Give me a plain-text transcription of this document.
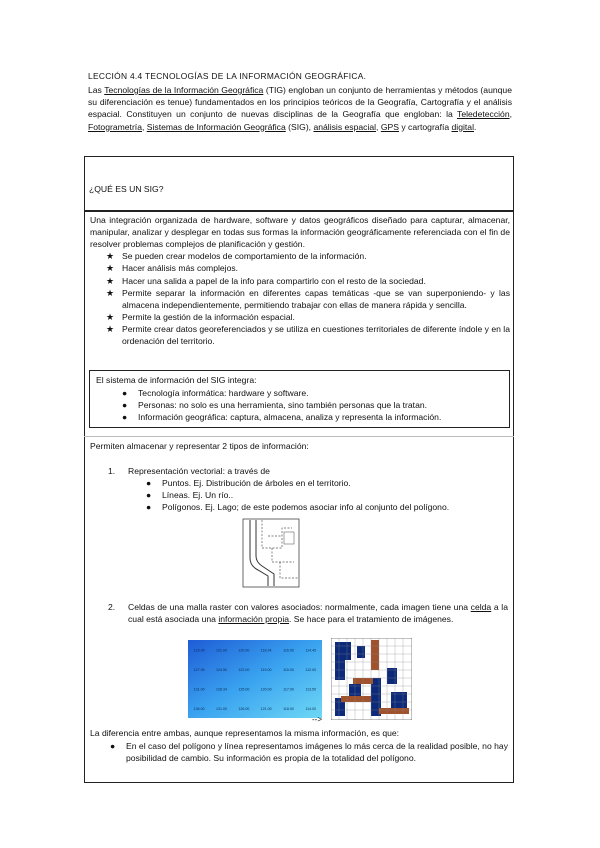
LECCIÓN 4.4 TECNOLOGÍAS DE LA INFORMACIÓN GEOGRÁFICA.
Las Tecnologías de la Información Geográfica (TIG) engloban un conjunto de herramientas y métodos (aunque su diferenciación es tenue) fundamentados en los principios teóricos de la Geografía, Cartografía y el análisis espacial. Constituyen un conjunto de nuevas disciplinas de la Geografía que engloban: la Teledetección, Fotogrametría, Sistemas de Información Geográfica (SIG), análisis espacial, GPS y cartografía digital.
¿QUÉ ES UN SIG?
Una integración organizada de hardware, software y datos geográficos diseñado para capturar, almacenar, manipular, analizar y desplegar en todas sus formas la información geográficamente referenciada con el fin de resolver problemas complejos de planificación y gestión.
★ Se pueden crear modelos de comportamiento de la información.
★ Hacer análisis más complejos.
★ Hacer una salida a papel de la info para compartirlo con el resto de la sociedad.
★ Permite separar la información en diferentes capas temáticas -que se van superponiendo- y las almacena independientemente, permitiendo trabajar con ellas de manera rápida y sencilla.
★ Permite la gestión de la información espacial.
★ Permite crear datos georeferenciados y se utiliza en cuestiones territoriales de diferente índole y en la ordenación del territorio.
El sistema de información del SIG integra:
● Tecnología informática: hardware y software.
● Personas: no solo es una herramienta, sino también personas que la tratan.
● Información geográfica: captura, almacena, analiza y representa la información.
Permiten almacenar y representar 2 tipos de información:
1. Representación vectorial: a través de
● Puntos. Ej. Distribución de árboles en el territorio.
● Líneas. Ej. Un río..
● Polígonos. Ej. Lago; de este podemos asociar info al conjunto del polígono.
2. Celdas de una malla raster con valores asociados: normalmente, cada imagen tiene una celda a la cual está asociada una información propia. Se hace para el tratamiento de imágenes.
123.45	121.00	120.00	118.34	116.50	114.45
127.90	124.50	122.00	119.00	115.00	112.00
131.00	128.34	125.00	120.00	117.00	113.50
136.00	131.00	126.00	121.00	118.00	114.00
-->
La diferencia entre ambas, aunque representamos la misma información, es que:
● En el caso del polígono y línea representamos imágenes lo más cerca de la realidad posible, no hay posibilidad de cambio. Su información es propia de la totalidad del polígono.
